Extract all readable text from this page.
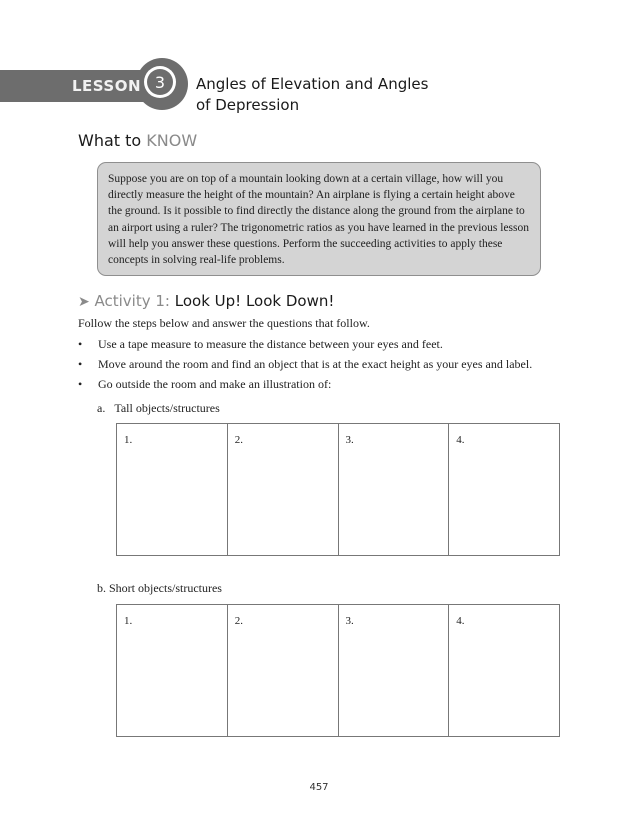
3
LESSON	Angles of Elevation and Angles
of Depression
What to KNOW
Suppose you are on top of a mountain looking down at a certain village, how will you directly measure the height of the mountain? An airplane is flying a certain height above the ground. Is it possible to find directly the distance along the ground from the airplane to an airport using a ruler? The trigonometric ratios as you have learned in the previous lesson will help you answer these questions. Perform the succeeding activities to apply these concepts in solving real-life problems.
➤ Activity 1: Look Up! Look Down!
Follow the steps below and answer the questions that follow.
• Use a tape measure to measure the distance between your eyes and feet.
• Move around the room and find an object that is at the exact height as your eyes and label.
• Go outside the room and make an illustration of:
a.   Tall objects/structures
1.	2.	3.	4.
b. Short objects/structures
1.	2.	3.	4.
457
